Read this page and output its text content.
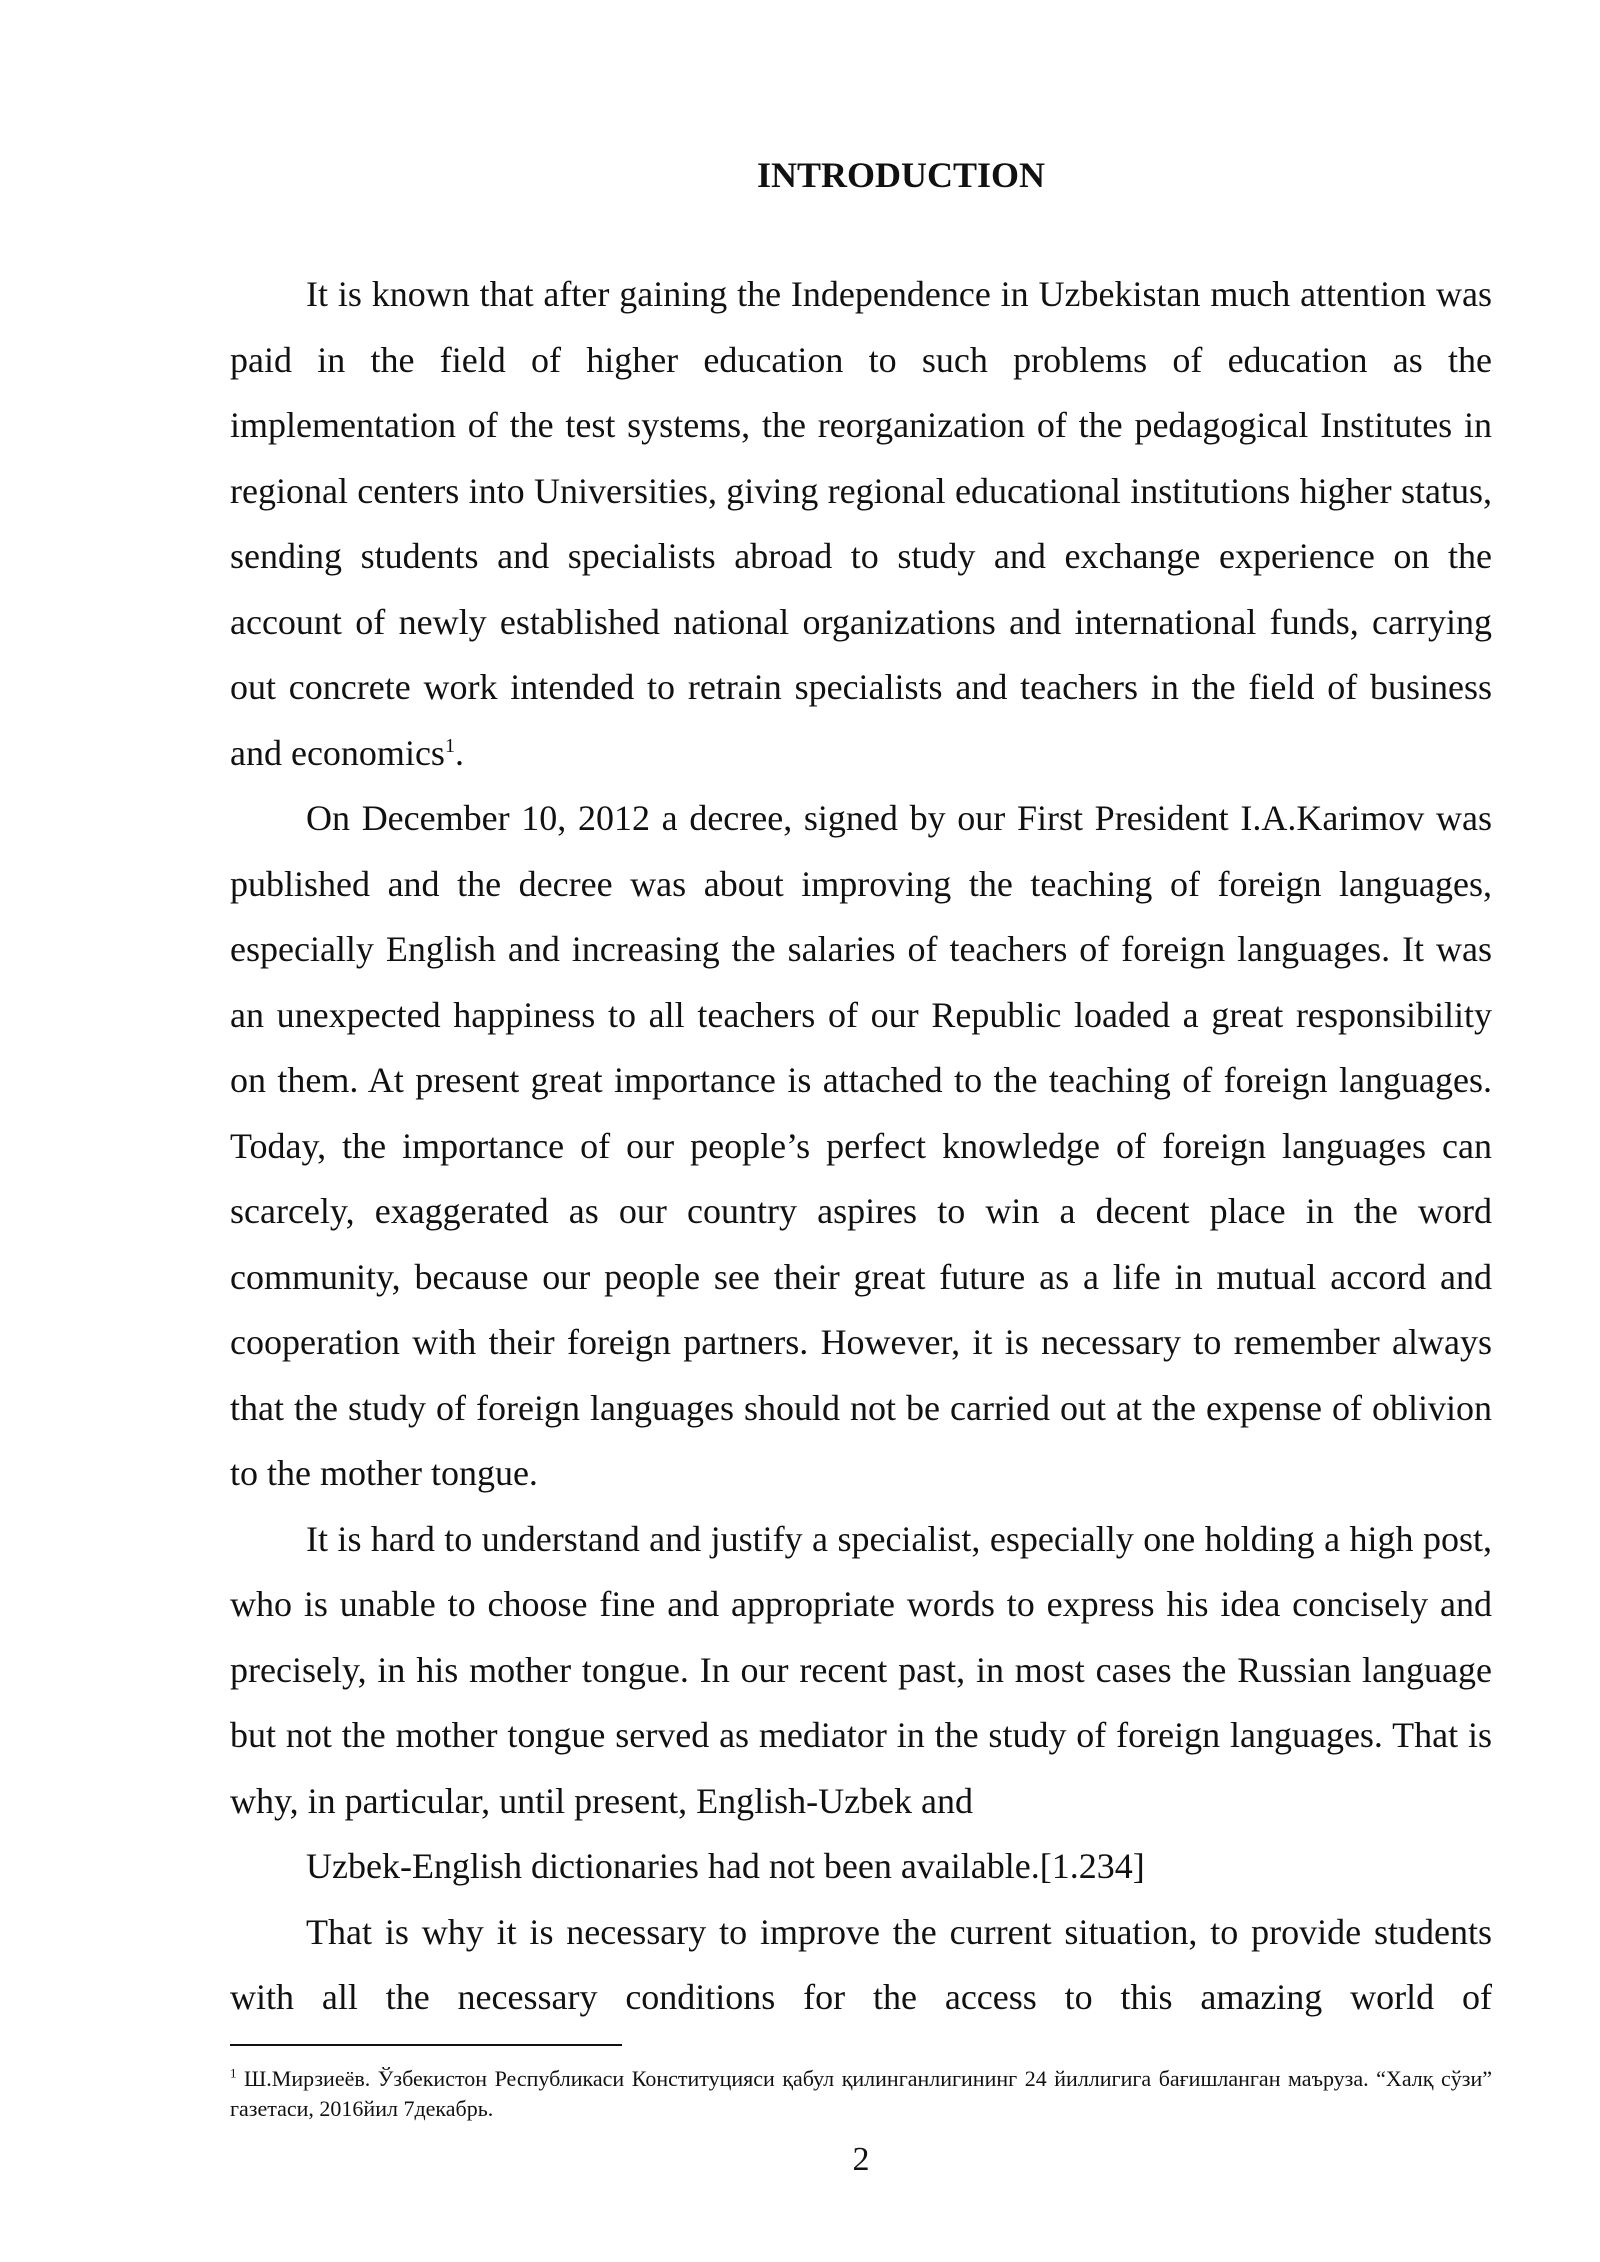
INTRODUCTION

It is known that after gaining the Independence in Uzbekistan much attention was paid in the field of higher education to such problems of education as the implementation of the test systems, the reorganization of the pedagogical Institutes in regional centers into Universities, giving regional educational institutions higher status, sending students and specialists abroad to study and exchange experience on the account of newly established national organizations and international funds, carrying out concrete work intended to retrain specialists and teachers in the field of business and economics$^1$.

On December 10, 2012 a decree, signed by our First President I.A.Karimov was published and the decree was about improving the teaching of foreign languages, especially English and increasing the salaries of teachers of foreign languages. It was an unexpected happiness to all teachers of our Republic loaded a great responsibility on them. At present great importance is attached to the teaching of foreign languages. Today, the importance of our people’s perfect knowledge of foreign languages can scarcely, exaggerated as our country aspires to win a decent place in the word community, because our people see their great future as a life in mutual accord and cooperation with their foreign partners. However, it is necessary to remember always that the study of foreign languages should not be carried out at the expense of oblivion to the mother tongue.

It is hard to understand and justify a specialist, especially one holding a high post, who is unable to choose fine and appropriate words to express his idea concisely and precisely, in his mother tongue. In our recent past, in most cases the Russian language but not the mother tongue served as mediator in the study of foreign languages. That is why, in particular, until present, English-Uzbek and

Uzbek-English dictionaries had not been available.[1.234]

That is why it is necessary to improve the current situation, to provide students with all the necessary conditions for the access to this amazing world of

$^1$ Ш.Мирзиеёв. Ўзбекистон Республикаси Конституцияси қабул қилинганлигининг 24 йиллигига бағишланган маъруза. “Халқ сўзи” газетаси, 2016йил 7декабрь.
2
